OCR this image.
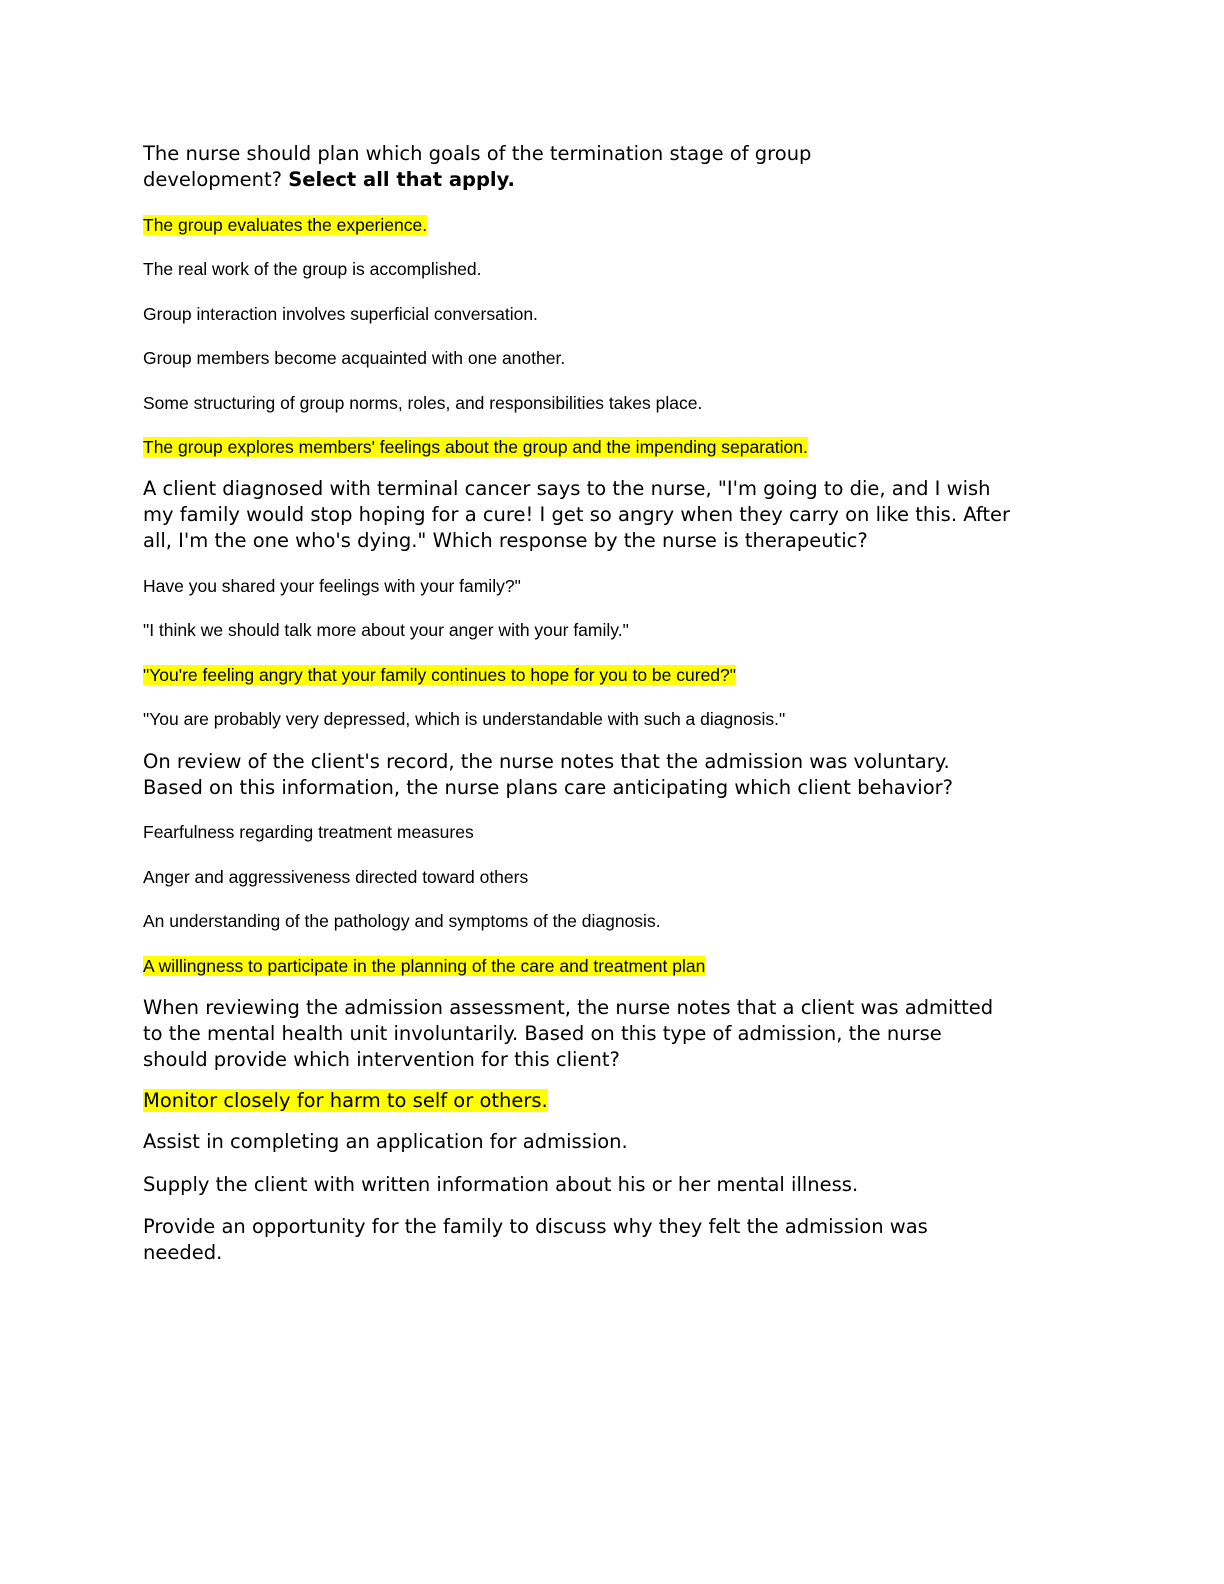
The nurse should plan which goals of the termination stage of group
development? Select all that apply.

The group evaluates the experience.

The real work of the group is accomplished.

Group interaction involves superficial conversation.

Group members become acquainted with one another.

Some structuring of group norms, roles, and responsibilities takes place.

The group explores members' feelings about the group and the impending separation.

A client diagnosed with terminal cancer says to the nurse, "I'm going to die, and I wish
my family would stop hoping for a cure! I get so angry when they carry on like this. After
all, I'm the one who's dying." Which response by the nurse is therapeutic?

Have you shared your feelings with your family?"

"I think we should talk more about your anger with your family."

"You're feeling angry that your family continues to hope for you to be cured?"

"You are probably very depressed, which is understandable with such a diagnosis."

On review of the client's record, the nurse notes that the admission was voluntary.
Based on this information, the nurse plans care anticipating which client behavior?

Fearfulness regarding treatment measures

Anger and aggressiveness directed toward others

An understanding of the pathology and symptoms of the diagnosis.

A willingness to participate in the planning of the care and treatment plan

When reviewing the admission assessment, the nurse notes that a client was admitted
to the mental health unit involuntarily. Based on this type of admission, the nurse
should provide which intervention for this client?

Monitor closely for harm to self or others.

Assist in completing an application for admission.

Supply the client with written information about his or her mental illness.

Provide an opportunity for the family to discuss why they felt the admission was
needed.
